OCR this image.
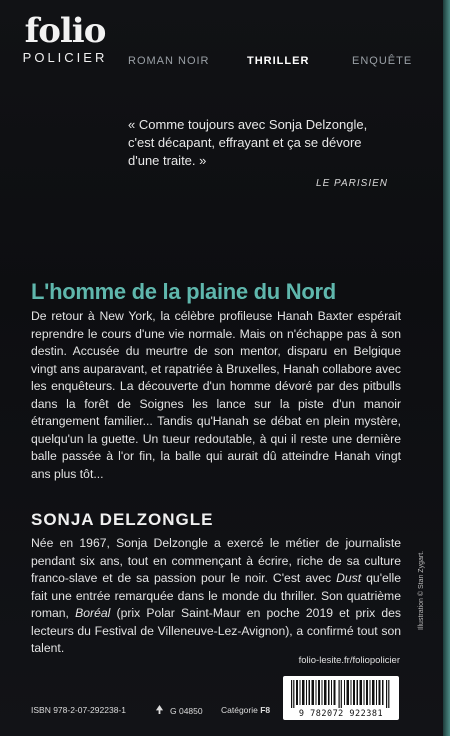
folio
POLICIER ROMAN NOIR	THRILLER	ENQUÊTE

« Comme toujours avec Sonja Delzongle,

c'est décapant, effrayant et ça se dévore

d'une traite. »

LE PARISIEN
L'homme de la plaine du Nord

De retour à New York, la célèbre profileuse Hanah Baxter espérait reprendre le cours d'une vie normale. Mais on n'échappe pas à son destin. Accusée du meurtre de son mentor, disparu en Belgique vingt ans auparavant, et rapatriée à Bruxelles, Hanah collabore avec les enquêteurs. La découverte d'un homme dévoré par des pitbulls dans la forêt de Soignes les lance sur la piste d'un manoir étrangement familier... Tandis qu'Hanah se débat en plein mystère, quelqu'un la guette. Un tueur redoutable, à qui il reste une dernière balle passée à l'or fin, la balle qui aurait dû atteindre Hanah vingt ans plus tôt...

SONJA DELZONGLE

Née en 1967, Sonja Delzongle a exercé le métier de journaliste pendant six ans, tout en commençant à écrire, riche de sa culture franco-slave et de sa passion pour le noir. C'est avec Dust qu'elle fait une entrée remarquée dans le monde du thriller. Son quatrième roman, Boréal (prix Polar Saint-Maur en poche 2019 et prix des lecteurs du Festival de Villeneuve-Lez-Avignon), a confirmé tout son talent.

folio-lesite.fr/foliopolicier
Illustration © Stan Zygart.
9 782072 922381
ISBN 978-2-07-292238-1	G 04850 Catégorie F8
